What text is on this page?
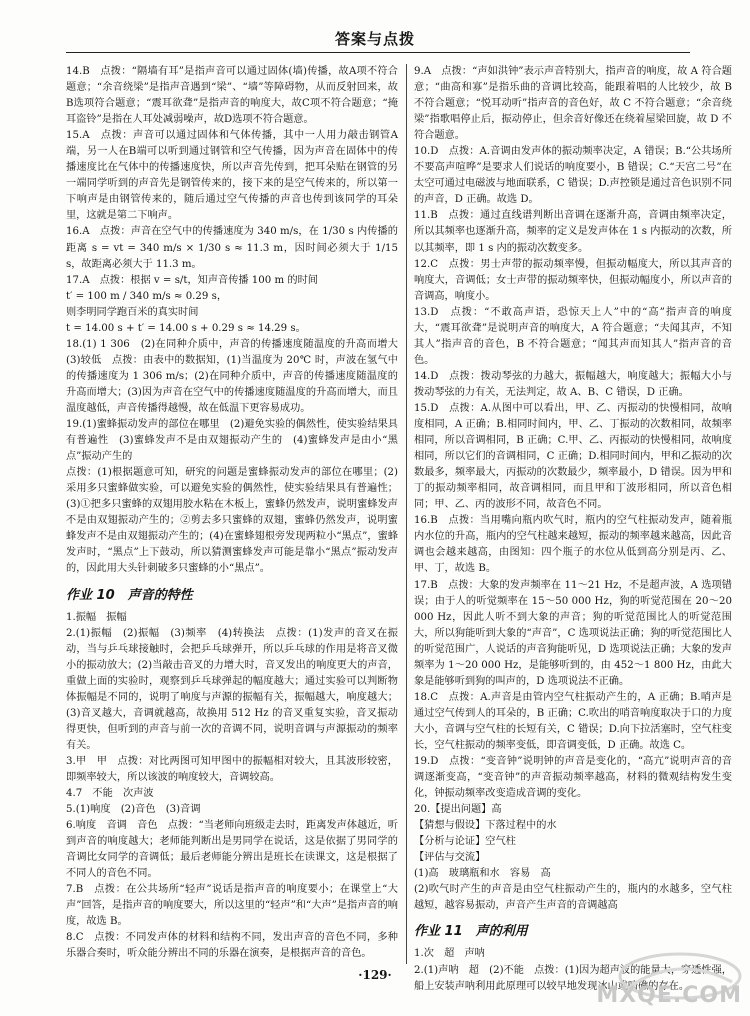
答案与点拨

14.B　点拨：“隔墙有耳”是指声音可以通过固体(墙)传播，故A项不符合题意；“余音绕梁”是指声音遇到“梁”、“墙”等障碍物，从而反射回来，故B选项符合题意；“震耳欲聋”是指声音的响度大，故C项不符合题意；“掩耳盗铃”是指在人耳处减弱噪声，故D选项不符合题意。

15.A　点拨：声音可以通过固体和气体传播，其中一人用力敲击钢管A端，另一人在B端可以听到通过钢管和空气传播，因为声音在固体中的传播速度比在气体中的传播速度快，所以声音先传到，把耳朵贴在钢管的另一端同学听到的声音先是钢管传来的，接下来的是空气传来的，所以第一下响声是由钢管传来的，随后通过空气传播的声音也传到该同学的耳朵里，这就是第二下响声。

16.A　点拨：声音在空气中的传播速度为 340 m/s，在 1/30 s 内传播的距离 s = vt = 340 m/s × 1/30 s ≈ 11.3 m，因时间必须大于 1/15 s，故距离必须大于 11.3 m。

17.A　点拨：根据 v = s/t，知声音传播 100 m 的时间

t′ = 100 m / 340 m/s ≈ 0.29 s，

则李明同学跑百米的真实时间

t = 14.00 s + t′ = 14.00 s + 0.29 s ≈ 14.29 s。

18.(1) 1 306　(2)在同种介质中，声音的传播速度随温度的升高而增大　(3)较低　点拨：由表中的数据知，(1)当温度为 20℃ 时，声波在氢气中的传播速度为 1 306 m/s；(2)在同种介质中，声音的传播速度随温度的升高而增大；(3)因为声音在空气中的传播速度随温度的升高而增大，而且温度越低，声音传播得越慢，故在低温下更容易成功。

19.(1)蜜蜂振动发声的部位在哪里　(2)避免实验的偶然性，使实验结果具有普遍性　(3)蜜蜂发声不是由双翅振动产生的　(4)蜜蜂发声是由小“黑点”振动产生的

点拨：(1)根据题意可知，研究的问题是蜜蜂振动发声的部位在哪里；(2)采用多只蜜蜂做实验，可以避免实验的偶然性，使实验结果具有普遍性；(3)①把多只蜜蜂的双翅用胶水粘在木板上，蜜蜂仍然发声，说明蜜蜂发声不是由双翅振动产生的；②剪去多只蜜蜂的双翅，蜜蜂仍然发声，说明蜜蜂发声不是由双翅振动产生的；(4)在蜜蜂翅根旁发现两粒小“黑点”，蜜蜂发声时，“黑点”上下鼓动，所以猜测蜜蜂发声可能是靠小“黑点”振动发声的，因此用大头针刺破多只蜜蜂的小“黑点”。

作业 10　声音的特性

1.振幅　振幅

2.(1)振幅　(2)振幅　(3)频率　(4)转换法　点拨：(1)发声的音叉在振动，当与乒乓球接触时，会把乒乓球弹开，所以乒乓球的作用是将音叉微小的振动放大；(2)当敲击音叉的力增大时，音叉发出的响度更大的声音，重做上面的实验时，观察到乒乓球弹起的幅度越大；通过实验可以判断物体振幅是不同的，说明了响度与声源的振幅有关，振幅越大，响度越大；(3)音叉越大，音调就越高，故换用 512 Hz 的音叉重复实验，音叉振动得更快，但听到的声音与前一次的音调不同，说明音调与声源振动的频率有关。

3.甲　甲　点拨：对比两图可知甲图中的振幅相对较大，且其波形较密，即频率较大，所以该波的响度较大，音调较高。

4.7　不能　次声波

5.(1)响度　(2)音色　(3)音调

6.响度　音调　音色　点拨：“当老师向班级走去时，距离发声体越近，听到声音的响度越大；老师能判断出是男同学在说话，这是依据了男同学的音调比女同学的音调低；最后老师能分辨出是班长在读课文，这是根据了不同人的音色不同。

7.B　点拨：在公共场所“轻声”说话是指声音的响度要小；在课堂上“大声”回答，是指声音的响度要大，所以这里的“轻声”和“大声”是指声音的响度，故选 B。

8.C　点拨：不同发声体的材料和结构不同，发出声音的音色不同，多种乐器合奏时，听众能分辨出不同的乐器在演奏，是根据声音的音色。

9.A　点拨：“声如洪钟”表示声音特别大，指声音的响度，故 A 符合题意；“曲高和寡”是指乐曲的音调比较高，能跟着唱的人比较少，故 B 不符合题意；“悦耳动听”指声音的音色好，故 C 不符合题意；“余音绕梁”指歌唱停止后，振动停止，但余音好像还在绕着屋梁回旋，故 D 不符合题意。

10.D　点拨：A.音调由发声体的振动频率决定，A 错误；B.“公共场所不要高声喧哗”是要求人们说话的响度要小，B 错误；C.“天宫二号”在太空可通过电磁波与地面联系，C 错误；D.声控锁是通过音色识别不同的声音，D 正确。故选 D。

11.B　点拨：通过直线谱判断出音调在逐渐升高，音调由频率决定，所以其频率也逐渐升高，频率的定义是发声体在 1 s 内振动的次数，所以其频率，即 1 s 内的振动次数变多。

12.C　点拨：男士声带的振动频率慢，但振动幅度大，所以其声音的响度大，音调低；女士声带的振动频率快，但振动幅度小，所以声音的音调高，响度小。

13.D　点拨：“不敢高声语，恐惊天上人”中的“高”指声音的响度大，“震耳欲聋”是说明声音的响度大，A 符合题意；“夫闻其声，不知其人”指声音的音色，B 不符合题意；“闻其声而知其人”指声音的音色。

14.D　点拨：拨动琴弦的力越大，振幅越大，响度越大；振幅大小与拨动琴弦的力有关，无法判定，故 A、B、C 错误，D 正确。

15.D　点拨：A.从图中可以看出，甲、乙、丙振动的快慢相同，故响度相同，A 正确；B.相同时间内，甲、乙、丁振动的次数相同，故频率相同，所以音调相同，B 正确；C.甲、乙、丙振动的快慢相同，故响度相同，所以它们的音调相同，C 正确；D.相同时间内，甲和乙振动的次数最多，频率最大，丙振动的次数最少，频率最小，D 错误。因为甲和丁的振动频率相同，故音调相同，而且甲和丁波形相同，所以音色相同；甲、乙、丙的波形不同，故音色不同。

16.B　点拨：当用嘴向瓶内吹气时，瓶内的空气柱振动发声，随着瓶内水位的升高，瓶内的空气柱越来越短，振动的频率越来越高，因此音调也会越来越高，由图知：四个瓶子的水位从低到高分别是丙、乙、甲、丁，故选 B。

17.B　点拨：大象的发声频率在 11～21 Hz，不是超声波，A 选项错误；由于人的听觉频率在 15～50 000 Hz，狗的听觉范围在 20～20 000 Hz，因此人听不到大象的声音；狗的听觉范围比人的听觉范围大，所以狗能听到大象的“声音”，C 选项说法正确；狗的听觉范围比人的听觉范围广，人说话的声音狗能听见，D 选项说法正确；大象的发声频率为 1～20 000 Hz，是能够听到的，由 452～1 800 Hz，由此大象是能够听到狗的叫声的，D 选项说法不正确。

18.C　点拨：A.声音是由管内空气柱振动产生的，A 正确；B.哨声是通过空气传到人的耳朵的，B 正确；C.吹出的哨音响度取决于口的力度大小，音调与空气柱的长短有关，C 错误；D.向下拉活塞时，空气柱变长，空气柱振动的频率变低，即音调变低，D 正确。故选 C。

19.D　点拨：“变音钟”说明钟的声音是变化的，“高亢”说明声音的音调逐渐变高，“变音钟”的声音振动频率越高，材料的微观结构发生变化，钟振动频率改变造成音调的变化。

20.【提出问题】高

【猜想与假设】下落过程中的水

【分析与论证】空气柱

【评估与交流】

(1)高　玻璃瓶和水　容易　高

(2)吹气时产生的声音是由空气柱振动产生的，瓶内的水越多，空气柱越短，越容易振动，声音产生声音的音调越高

作业 11　声的利用

1.次　超　声呐

2.(1)声呐　超　(2)不能　点拨：(1)因为超声波的能量大，穿透性强，船上安装声呐利用此原理可以较早地发现冰山或暗礁的存在。

·129·
MXQE.COM
